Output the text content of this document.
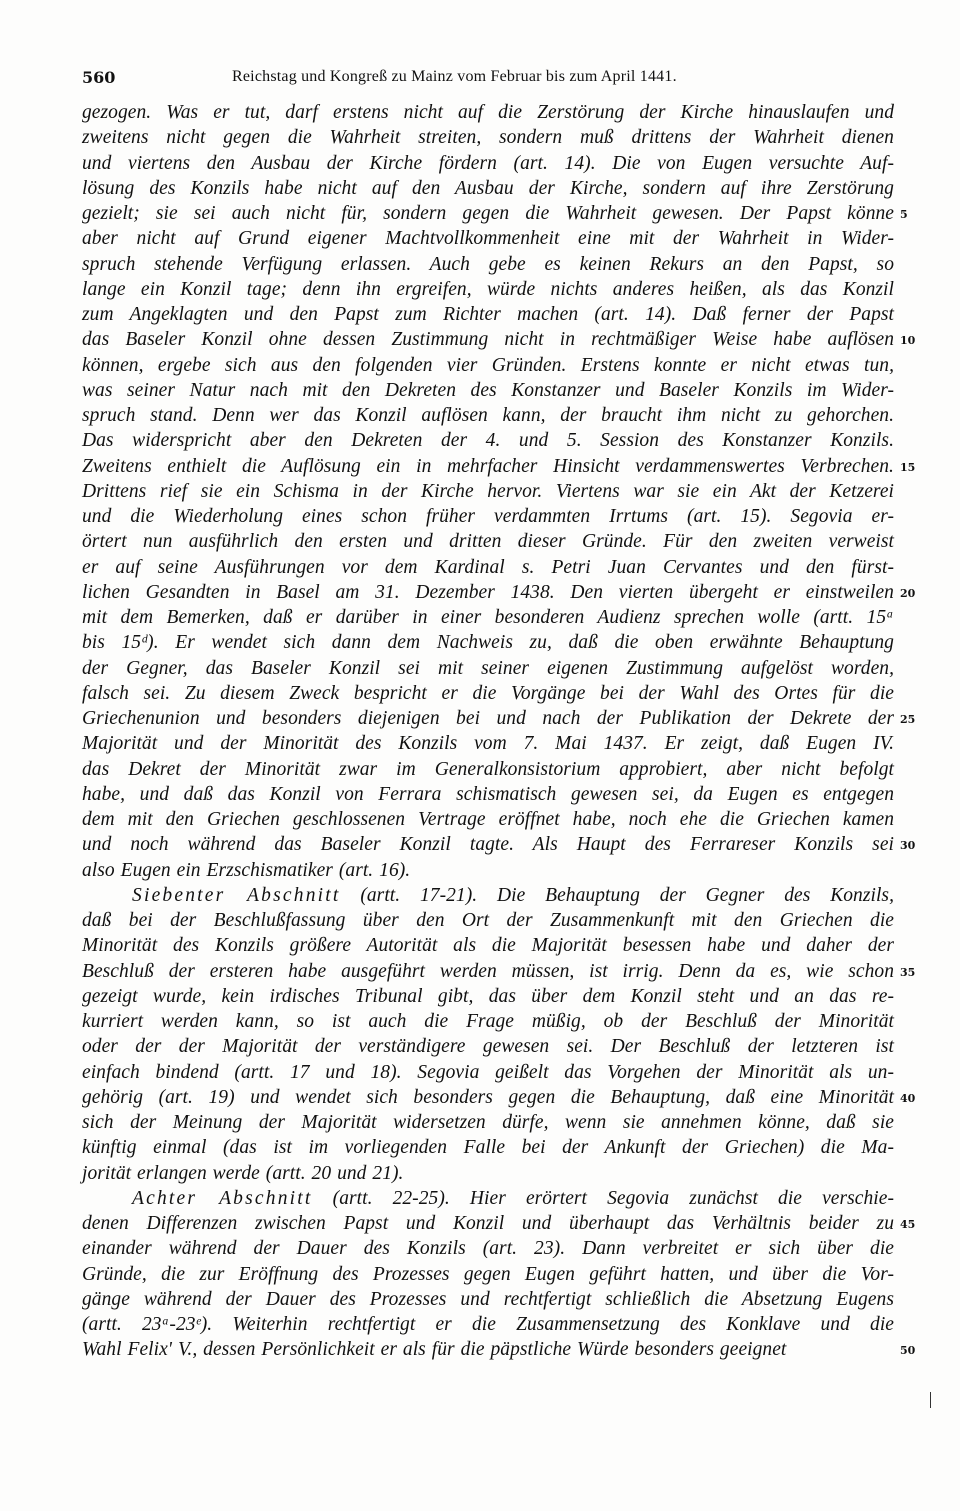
560	Reichstag und Kongreß zu Mainz vom Februar bis zum April 1441.
gezogen. Was er tut, darf erstens nicht auf die Zerstörung der Kirche hinauslaufen und
zweitens nicht gegen die Wahrheit streiten, sondern muß drittens der Wahrheit dienen
und viertens den Ausbau der Kirche fördern (art. 14). Die von Eugen versuchte Auf-
lösung des Konzils habe nicht auf den Ausbau der Kirche, sondern auf ihre Zerstörung
gezielt; sie sei auch nicht für, sondern gegen die Wahrheit gewesen. Der Papst könne
aber nicht auf Grund eigener Machtvollkommenheit eine mit der Wahrheit in Wider-
spruch stehende Verfügung erlassen. Auch gebe es keinen Rekurs an den Papst, so
lange ein Konzil tage; denn ihn ergreifen, würde nichts anderes heißen, als das Konzil
zum Angeklagten und den Papst zum Richter machen (art. 14). Daß ferner der Papst
das Baseler Konzil ohne dessen Zustimmung nicht in rechtmäßiger Weise habe auflösen
können, ergebe sich aus den folgenden vier Gründen. Erstens konnte er nicht etwas tun,
was seiner Natur nach mit den Dekreten des Konstanzer und Baseler Konzils im Wider-
spruch stand. Denn wer das Konzil auflösen kann, der braucht ihm nicht zu gehorchen.
Das widerspricht aber den Dekreten der 4. und 5. Session des Konstanzer Konzils.
Zweitens enthielt die Auflösung ein in mehrfacher Hinsicht verdammenswertes Verbrechen.
Drittens rief sie ein Schisma in der Kirche hervor. Viertens war sie ein Akt der Ketzerei
und die Wiederholung eines schon früher verdammten Irrtums (art. 15). Segovia er-
örtert nun ausführlich den ersten und dritten dieser Gründe. Für den zweiten verweist
er auf seine Ausführungen vor dem Kardinal s. Petri Juan Cervantes und den fürst-
lichen Gesandten in Basel am 31. Dezember 1438. Den vierten übergeht er einstweilen
mit dem Bemerken, daß er darüber in einer besonderen Audienz sprechen wolle (artt. 15ᵃ
bis 15ᵈ). Er wendet sich dann dem Nachweis zu, daß die oben erwähnte Behauptung
der Gegner, das Baseler Konzil sei mit seiner eigenen Zustimmung aufgelöst worden,
falsch sei. Zu diesem Zweck bespricht er die Vorgänge bei der Wahl des Ortes für die
Griechenunion und besonders diejenigen bei und nach der Publikation der Dekrete der
Majorität und der Minorität des Konzils vom 7. Mai 1437. Er zeigt, daß Eugen IV.
das Dekret der Minorität zwar im Generalkonsistorium approbiert, aber nicht befolgt
habe, und daß das Konzil von Ferrara schismatisch gewesen sei, da Eugen es entgegen
dem mit den Griechen geschlossenen Vertrage eröffnet habe, noch ehe die Griechen kamen
und noch während das Baseler Konzil tagte. Als Haupt des Ferrareser Konzils sei
also Eugen ein Erzschismatiker (art. 16).
Siebenter Abschnitt (artt. 17-21). Die Behauptung der Gegner des Konzils,
daß bei der Beschlußfassung über den Ort der Zusammenkunft mit den Griechen die
Minorität des Konzils größere Autorität als die Majorität besessen habe und daher der
Beschluß der ersteren habe ausgeführt werden müssen, ist irrig. Denn da es, wie schon
gezeigt wurde, kein irdisches Tribunal gibt, das über dem Konzil steht und an das re-
kurriert werden kann, so ist auch die Frage müßig, ob der Beschluß der Minorität
oder der der Majorität der verständigere gewesen sei. Der Beschluß der letzteren ist
einfach bindend (artt. 17 und 18). Segovia geißelt das Vorgehen der Minorität als un-
gehörig (art. 19) und wendet sich besonders gegen die Behauptung, daß eine Minorität
sich der Meinung der Majorität widersetzen dürfe, wenn sie annehmen könne, daß sie
künftig einmal (das ist im vorliegenden Falle bei der Ankunft der Griechen) die Ma-
jorität erlangen werde (artt. 20 und 21).
Achter Abschnitt (artt. 22-25). Hier erörtert Segovia zunächst die verschie-
denen Differenzen zwischen Papst und Konzil und überhaupt das Verhältnis beider zu
einander während der Dauer des Konzils (art. 23). Dann verbreitet er sich über die
Gründe, die zur Eröffnung des Prozesses gegen Eugen geführt hatten, und über die Vor-
gänge während der Dauer des Prozesses und rechtfertigt schließlich die Absetzung Eugens
(artt. 23ᵃ-23ᵉ). Weiterhin rechtfertigt er die Zusammensetzung des Konklave und die
Wahl Felix' V., dessen Persönlichkeit er als für die päpstliche Würde besonders geeignet
5
10
15
20
25
30
35
40
45
50
